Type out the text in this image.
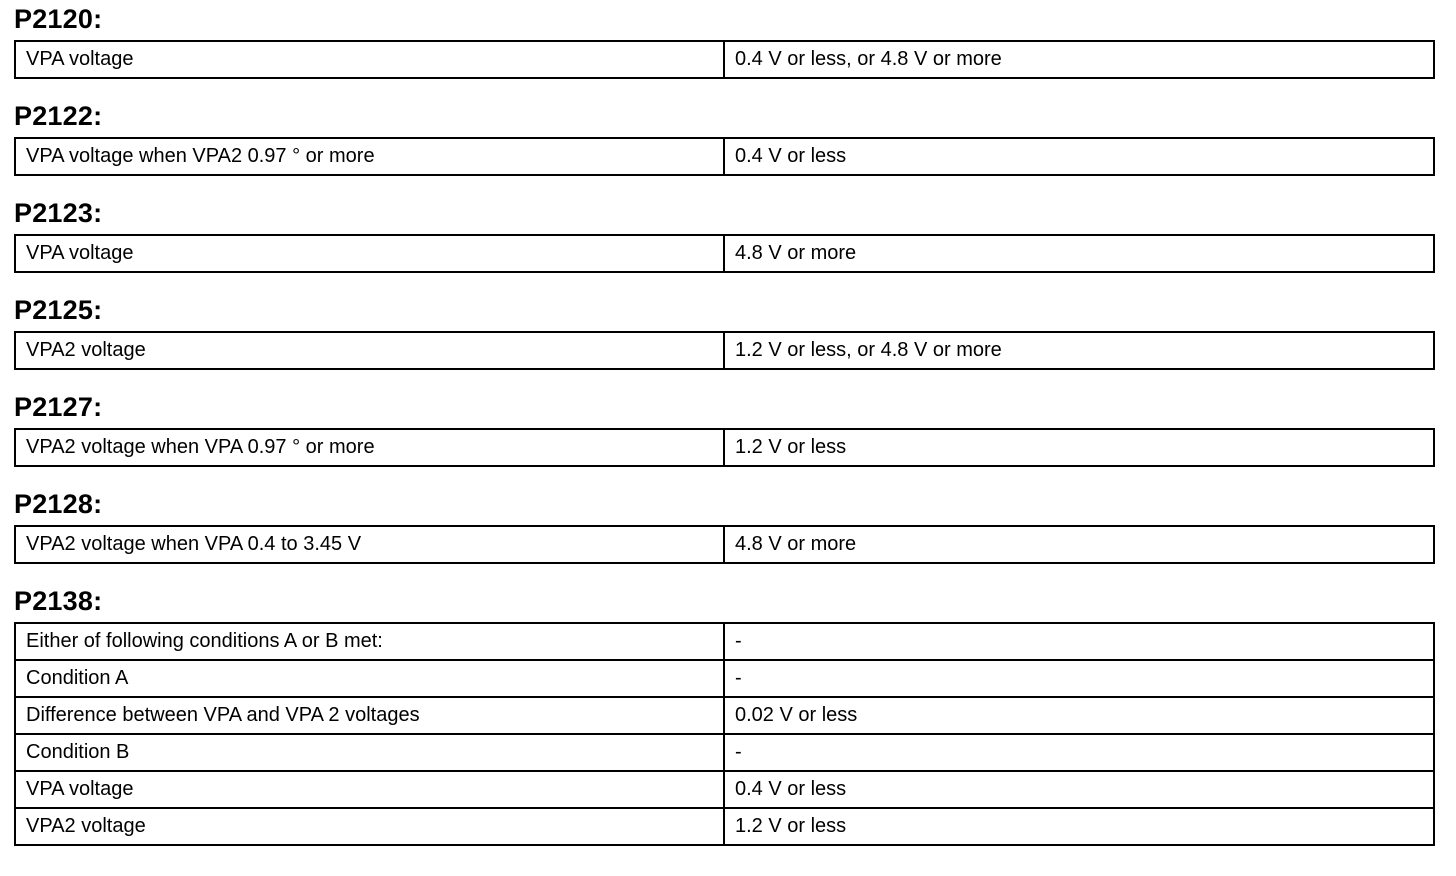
P2120:
VPA voltage	0.4 V or less, or 4.8 V or more
P2122:
VPA voltage when VPA2 0.97 ° or more	0.4 V or less
P2123:
VPA voltage	4.8 V or more
P2125:
VPA2 voltage	1.2 V or less, or 4.8 V or more
P2127:
VPA2 voltage when VPA 0.97 ° or more	1.2 V or less
P2128:
VPA2 voltage when VPA 0.4 to 3.45 V	4.8 V or more
P2138:
Either of following conditions A or B met:	-
Condition A	-
Difference between VPA and VPA 2 voltages	0.02 V or less
Condition B	-
VPA voltage	0.4 V or less
VPA2 voltage	1.2 V or less
